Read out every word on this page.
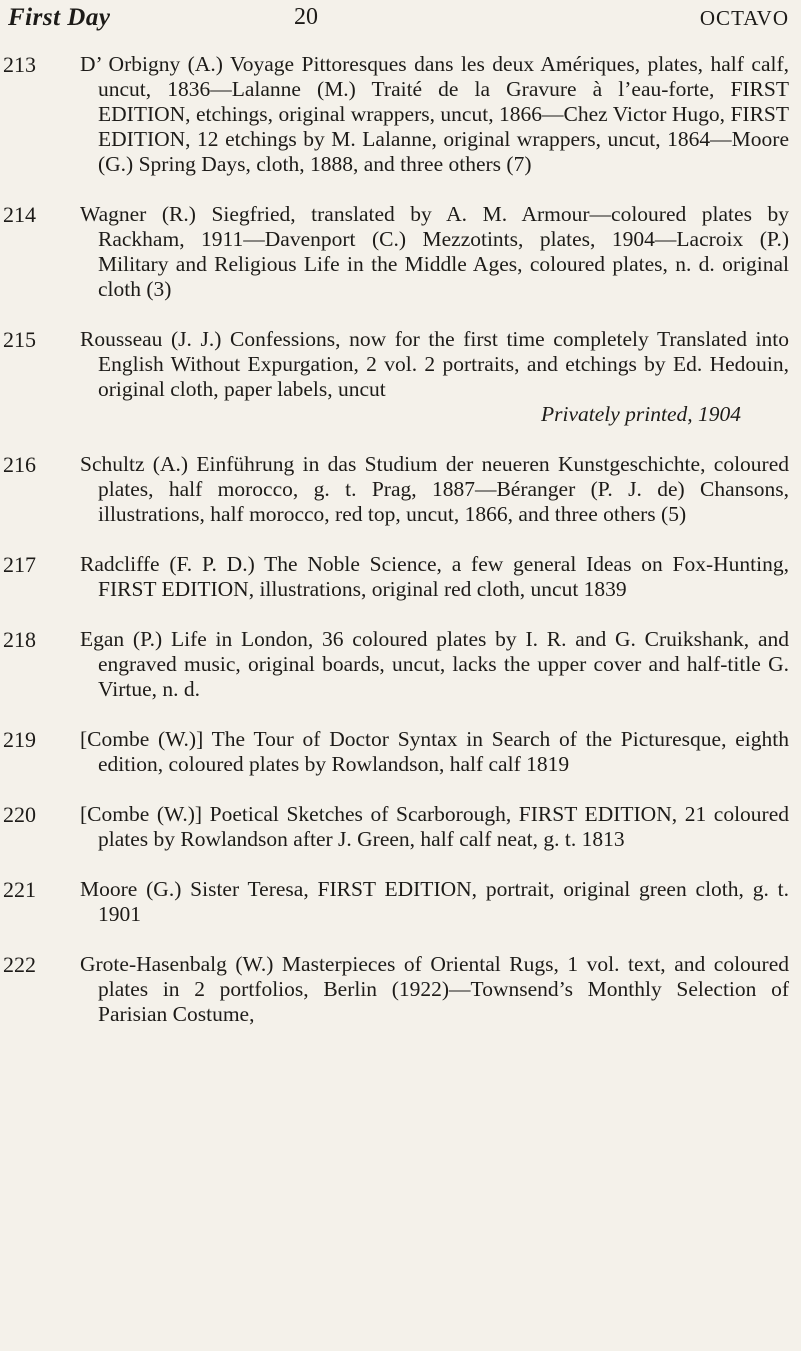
First Day	20	OCTAVO
213	D’ Orbigny (A.) Voyage Pittoresques dans les deux Amériques, plates, half calf, uncut, 1836—Lalanne (M.) Traité de la Gravure à l’eau-forte, FIRST EDITION, etchings, original wrappers, uncut, 1866—Chez Victor Hugo, FIRST EDITION, 12 etchings by M. Lalanne, original wrappers, uncut, 1864—Moore (G.) Spring Days, cloth, 1888, and three others (7)
214	Wagner (R.) Siegfried, translated by A. M. Armour—coloured plates by Rackham, 1911—Davenport (C.) Mezzotints, plates, 1904—Lacroix (P.) Military and Religious Life in the Middle Ages, coloured plates, n. d. original cloth (3)
215	Rousseau (J. J.) Confessions, now for the first time completely Translated into English Without Expurgation, 2 vol. 2 portraits, and etchings by Ed. Hedouin, original cloth, paper labels, uncut
Privately printed, 1904
216	Schultz (A.) Einführung in das Studium der neueren Kunstgeschichte, coloured plates, half morocco, g. t. Prag, 1887—Béranger (P. J. de) Chansons, illustrations, half morocco, red top, uncut, 1866, and three others (5)
217	Radcliffe (F. P. D.) The Noble Science, a few general Ideas on Fox-Hunting, FIRST EDITION, illustrations, original red cloth, uncut 1839
218	Egan (P.) Life in London, 36 coloured plates by I. R. and G. Cruikshank, and engraved music, original boards, uncut, lacks the upper cover and half-title G. Virtue, n. d.
219	[Combe (W.)] The Tour of Doctor Syntax in Search of the Picturesque, eighth edition, coloured plates by Rowlandson, half calf 1819
220	[Combe (W.)] Poetical Sketches of Scarborough, FIRST EDITION, 21 coloured plates by Rowlandson after J. Green, half calf neat, g. t. 1813
221	Moore (G.) Sister Teresa, FIRST EDITION, portrait, original green cloth, g. t. 1901
222	Grote-Hasenbalg (W.) Masterpieces of Oriental Rugs, 1 vol. text, and coloured plates in 2 portfolios, Berlin (1922)—Townsend’s Monthly Selection of Parisian Costume,
